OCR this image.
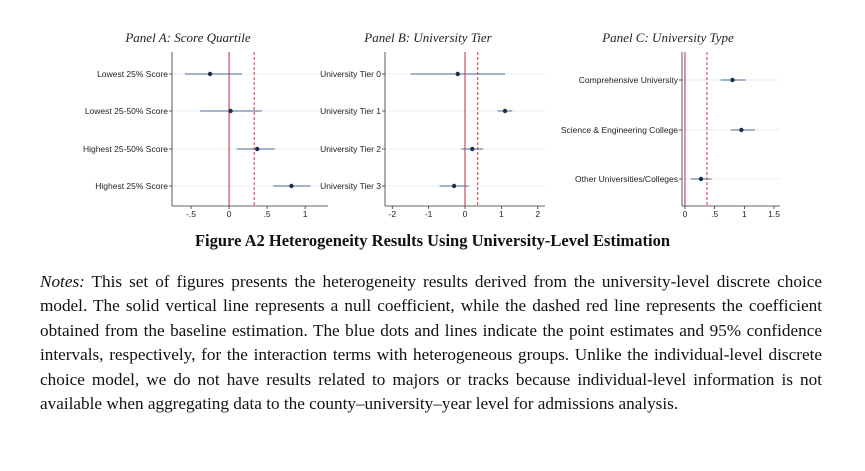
Panel A: Score Quartile
Lowest 25% Score
Lowest 25-50% Score
Highest 25-50% Score
Highest 25% Score
-.5	0	.5	1
Panel B: University Tier
University Tier 0
University Tier 1
University Tier 2
University Tier 3
-2	-1	0	1	2
Panel C: University Type
Comprehensive University
Science & Engineering College
Other Universities/Colleges
0	.5	1	1.5
Figure A2 Heterogeneity Results Using University-Level Estimation

Notes: This set of figures presents the heterogeneity results derived from the university-level discrete choice model. The solid vertical line represents a null coefficient, while the dashed red line represents the coefficient obtained from the baseline estimation. The blue dots and lines indicate the point estimates and 95% confidence intervals, respectively, for the interaction terms with heterogeneous groups. Unlike the individual-level discrete choice model, we do not have results related to majors or tracks because individual-level information is not available when aggregating data to the county–university–year level for admissions analysis.
